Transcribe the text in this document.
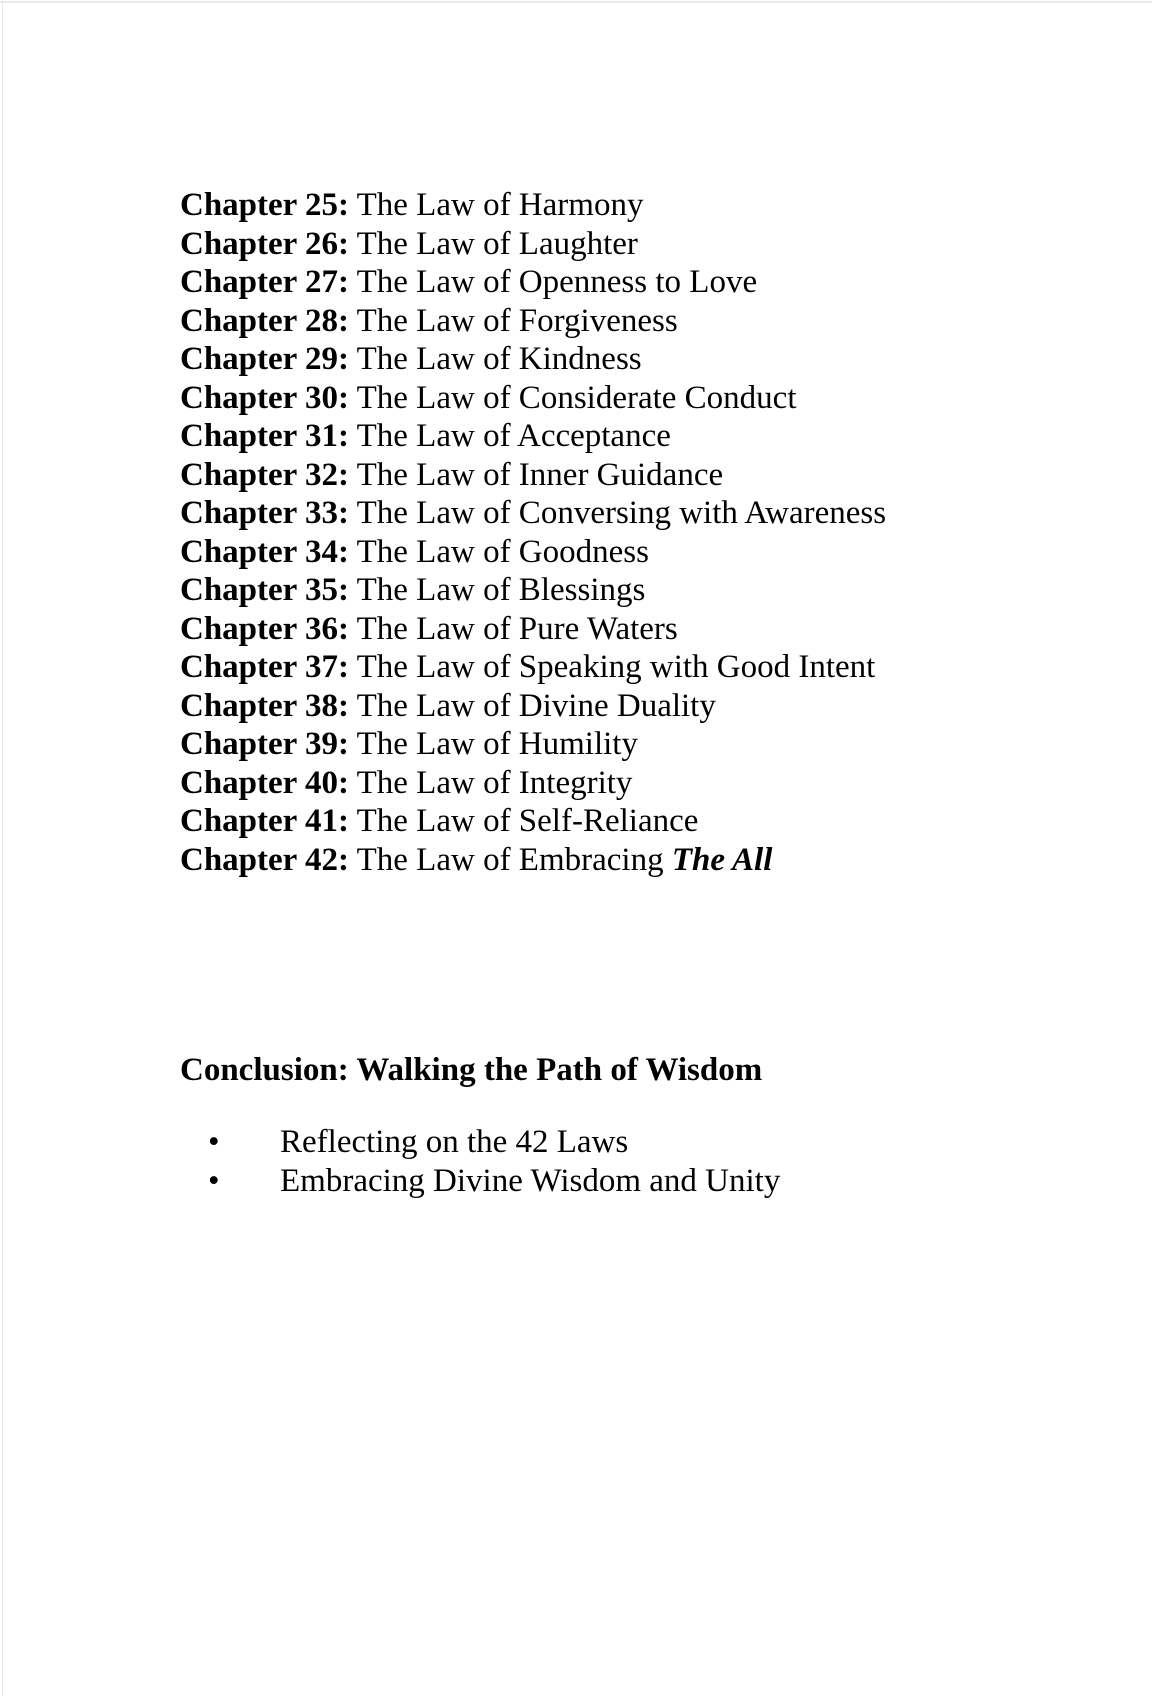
Chapter 25: The Law of Harmony
Chapter 26: The Law of Laughter
Chapter 27: The Law of Openness to Love
Chapter 28: The Law of Forgiveness
Chapter 29: The Law of Kindness
Chapter 30: The Law of Considerate Conduct
Chapter 31: The Law of Acceptance
Chapter 32: The Law of Inner Guidance
Chapter 33: The Law of Conversing with Awareness
Chapter 34: The Law of Goodness
Chapter 35: The Law of Blessings
Chapter 36: The Law of Pure Waters
Chapter 37: The Law of Speaking with Good Intent
Chapter 38: The Law of Divine Duality
Chapter 39: The Law of Humility
Chapter 40: The Law of Integrity
Chapter 41: The Law of Self-Reliance
Chapter 42: The Law of Embracing The All
Conclusion: Walking the Path of Wisdom
•	Reflecting on the 42 Laws
•	Embracing Divine Wisdom and Unity
